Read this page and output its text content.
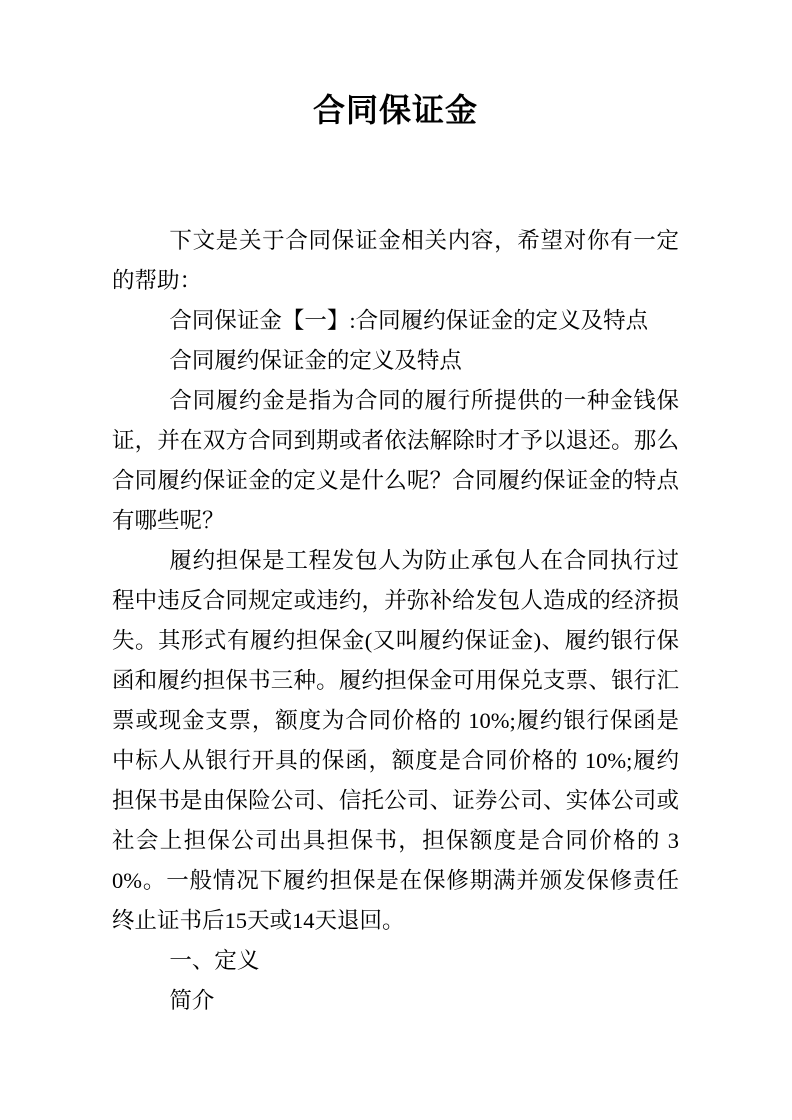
合同保证金

下文是关于合同保证金相关内容，希望对你有一定的帮助：

合同保证金【一】:合同履约保证金的定义及特点

合同履约保证金的定义及特点

合同履约金是指为合同的履行所提供的一种金钱保证，并在双方合同到期或者依法解除时才予以退还。那么合同履约保证金的定义是什么呢？合同履约保证金的特点有哪些呢？

履约担保是工程发包人为防止承包人在合同执行过程中违反合同规定或违约，并弥补给发包人造成的经济损失。其形式有履约担保金(又叫履约保证金)、履约银行保函和履约担保书三种。履约担保金可用保兑支票、银行汇票或现金支票，额度为合同价格的 10%;履约银行保函是中标人从银行开具的保函，额度是合同价格的 10%;履约担保书是由保险公司、信托公司、证券公司、实体公司或社会上担保公司出具担保书，担保额度是合同价格的 30%。一般情况下履约担保是在保修期满并颁发保修责任终止证书后15天或14天退回。

一、定义

简介
